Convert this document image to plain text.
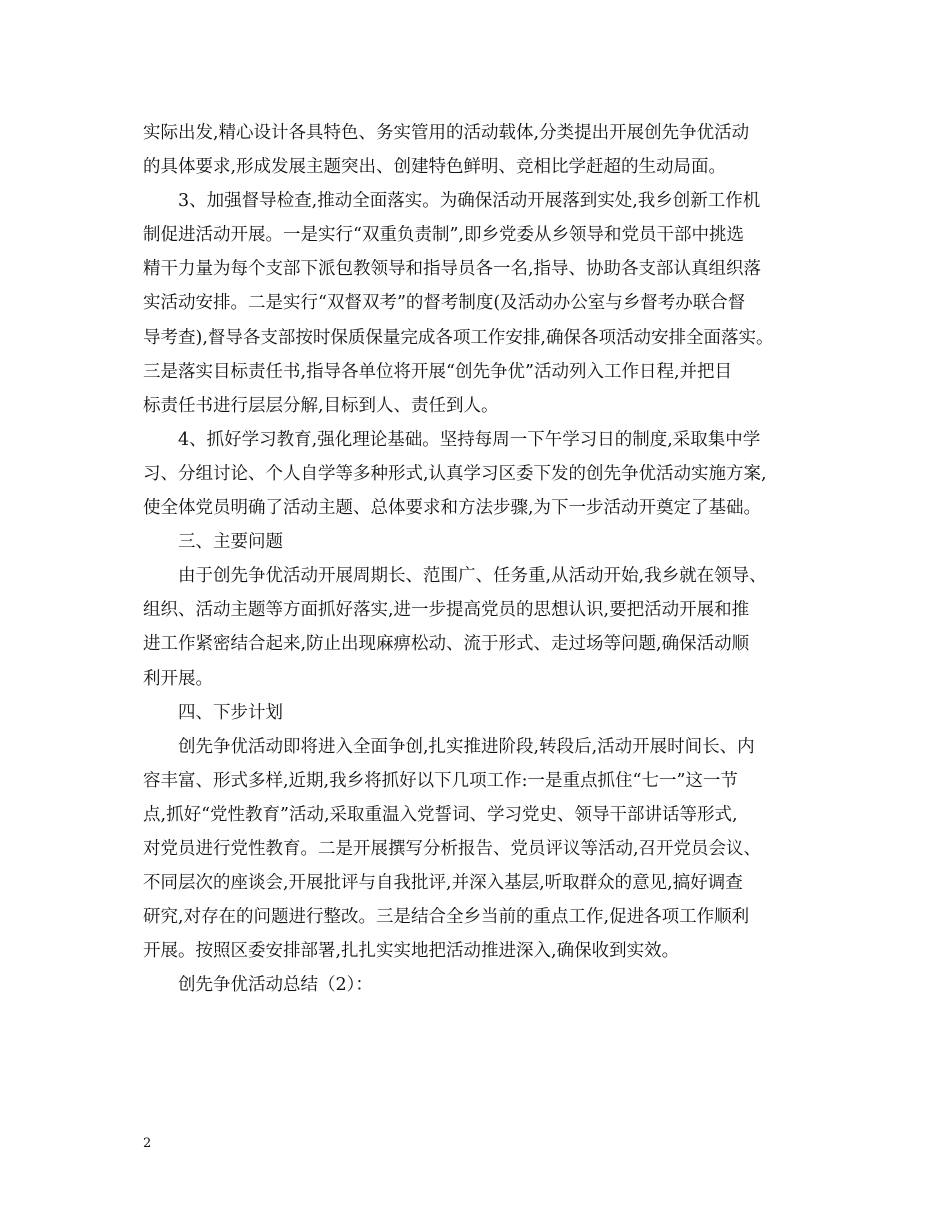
实际出发,精心设计各具特色、务实管用的活动载体,分类提出开展创先争优活动
的具体要求,形成发展主题突出、创建特色鲜明、竞相比学赶超的生动局面。
3、加强督导检查,推动全面落实。为确保活动开展落到实处,我乡创新工作机
制促进活动开展。一是实行“双重负责制”,即乡党委从乡领导和党员干部中挑选
精干力量为每个支部下派包教领导和指导员各一名,指导、协助各支部认真组织落
实活动安排。二是实行“双督双考”的督考制度(及活动办公室与乡督考办联合督
导考查),督导各支部按时保质保量完成各项工作安排,确保各项活动安排全面落实。
三是落实目标责任书,指导各单位将开展“创先争优”活动列入工作日程,并把目
标责任书进行层层分解,目标到人、责任到人。
4、抓好学习教育,强化理论基础。坚持每周一下午学习日的制度,采取集中学
习、分组讨论、个人自学等多种形式,认真学习区委下发的创先争优活动实施方案,
使全体党员明确了活动主题、总体要求和方法步骤,为下一步活动开奠定了基础。
三、主要问题
由于创先争优活动开展周期长、范围广、任务重,从活动开始,我乡就在领导、
组织、活动主题等方面抓好落实,进一步提高党员的思想认识,要把活动开展和推
进工作紧密结合起来,防止出现麻痹松动、流于形式、走过场等问题,确保活动顺
利开展。
四、下步计划
创先争优活动即将进入全面争创,扎实推进阶段,转段后,活动开展时间长、内
容丰富、形式多样,近期,我乡将抓好以下几项工作:一是重点抓住“七一”这一节
点,抓好“党性教育”活动,采取重温入党誓词、学习党史、领导干部讲话等形式,
对党员进行党性教育。二是开展撰写分析报告、党员评议等活动,召开党员会议、
不同层次的座谈会,开展批评与自我批评,并深入基层,听取群众的意见,搞好调查
研究,对存在的问题进行整改。三是结合全乡当前的重点工作,促进各项工作顺利
开展。按照区委安排部署,扎扎实实地把活动推进深入,确保收到实效。
创先争优活动总结（2）：
2
